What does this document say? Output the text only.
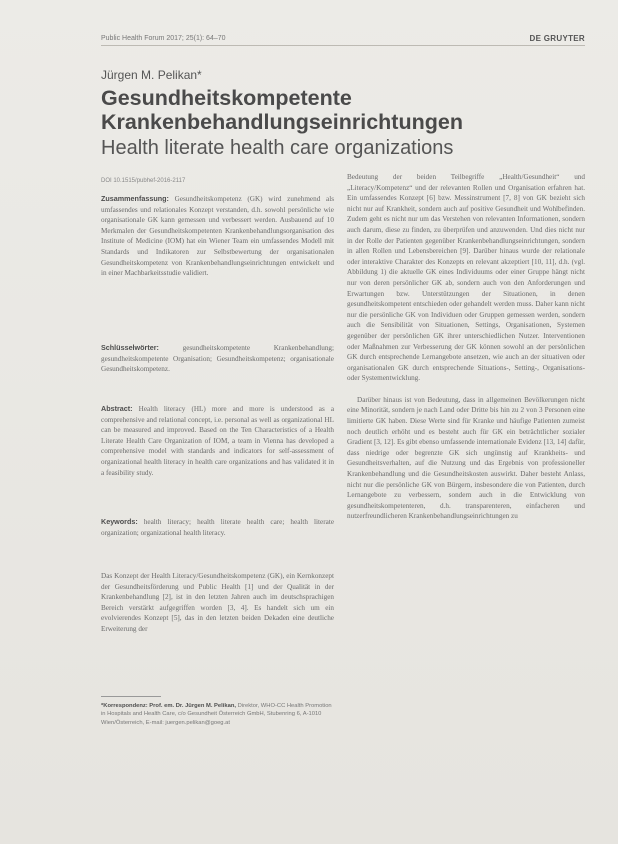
Public Health Forum 2017; 25(1): 64–70	DE GRUYTER
Jürgen M. Pelikan*
Gesundheitskompetente Krankenbehandlungseinrichtungen
Health literate health care organizations
DOI 10.1515/pubhef-2016-2117
Zusammenfassung: Gesundheitskompetenz (GK) wird zunehmend als umfassendes und relationales Konzept verstanden, d.h. sowohl persönliche wie organisationale GK kann gemessen und verbessert werden. Ausbauend auf 10 Merkmalen der Gesundheitskompetenten Krankenbehandlungsorganisation des Institute of Medicine (IOM) hat ein Wiener Team ein umfassendes Modell mit Standards und Indikatoren zur Selbstbewertung der organisationalen Gesundheitskompetenz von Krankenbehandlungseinrichtungen entwickelt und in einer Machbarkeitsstudie validiert.
Schlüsselwörter:	gesundheitskompetente Krankenbehandlung; gesundheitskompetente Organisation; Gesundheitskompetenz; organisationale Gesundheitskompetenz.
Abstract: Health literacy (HL) more and more is understood as a comprehensive and relational concept, i.e. personal as well as organizational HL can be measured and improved. Based on the Ten Characteristics of a Health Literate Health Care Organization of IOM, a team in Vienna has developed a comprehensive model with standards and indicators for self-assessment of organizational health literacy in health care organizations and has validated it in a feasibility study.
Keywords: health literacy; health literate health care; health literate organization; organizational health literacy.
Das Konzept der Health Literacy/Gesundheitskompetenz (GK), ein Kernkonzept der Gesundheitsförderung und Public Health [1] und der Qualität in der Krankenbehandlung [2], ist in den letzten Jahren auch im deutschsprachigen Bereich verstärkt aufgegriffen worden [3, 4]. Es handelt sich um ein evolvierendes Konzept [5], das in den letzten beiden Dekaden eine deutliche Erweiterung der
*Korrespondenz: Prof. em. Dr. Jürgen M. Pelikan, Direktor, WHO-CC Health Promotion in Hospitals and Health Care, c/o Gesundheit Österreich GmbH, Stubenring 6, A-1010 Wien/Österreich, E-mail: juergen.pelikan@goeg.at

Bedeutung der beiden Teilbegriffe „Health/Gesundheit“ und „Literacy/Kompetenz“ und der relevanten Rollen und Organisation erfahren hat. Ein umfassendes Konzept [6] bzw. Messinstrument [7, 8] von GK bezieht sich nicht nur auf Krankheit, sondern auch auf positive Gesundheit und Wohlbefinden. Zudem geht es nicht nur um das Verstehen von relevanten Informationen, sondern auch darum, diese zu finden, zu überprüfen und anzuwenden. Und dies nicht nur in der Rolle der Patienten gegenüber Krankenbehandlungseinrichtungen, sondern in allen Rollen und Lebensbereichen [9]. Darüber hinaus wurde der relationale oder interaktive Charakter des Konzepts en relevant akzeptiert [10, 11], d.h. (vgl. Abbildung 1) die aktuelle GK eines Individuums oder einer Gruppe hängt nicht nur von deren persönlicher GK ab, sondern auch von den Anforderungen und Erwartungen bzw. Unterstützungen der Situationen, in denen gesundheitskompetent entschieden oder gehandelt werden muss. Daher kann nicht nur die persönliche GK von Individuen oder Gruppen gemessen werden, sondern auch die Sensibilität von Situationen, Settings, Organisationen, Systemen gegenüber der persönlichen GK ihrer unterschiedlichen Nutzer. Interventionen oder Maßnahmen zur Verbesserung der GK können sowohl an der persönlichen GK durch entsprechende Lernangebote ansetzen, wie auch an der situativen oder organisationalen GK durch entsprechende Situations-, Setting-, Organisations- oder Systementwicklung.

Darüber hinaus ist von Bedeutung, dass in allgemeinen Bevölkerungen nicht eine Minorität, sondern je nach Land oder Dritte bis hin zu 2 von 3 Personen eine limitierte GK haben. Diese Werte sind für Kranke und häufige Patienten zumeist noch deutlich erhöht und es besteht auch für GK ein beträchtlicher sozialer Gradient [3, 12]. Es gibt ebenso umfassende internationale Evidenz [13, 14] dafür, dass niedrige oder begrenzte GK sich ungünstig auf Krankheits- und Gesundheitsverhalten, auf die Nutzung und das Ergebnis von professioneller Krankenbehandlung und die Gesundheitskosten auswirkt. Daher besteht Anlass, nicht nur die persönliche GK von Bürgern, insbesondere die von Patienten, durch Lernangebote zu verbessern, sondern auch in die Entwicklung von gesundheitskompetenteren, d.h. transparenteren, einfacheren und nutzerfreundlicheren Krankenbehandlungseinrichtungen zu
